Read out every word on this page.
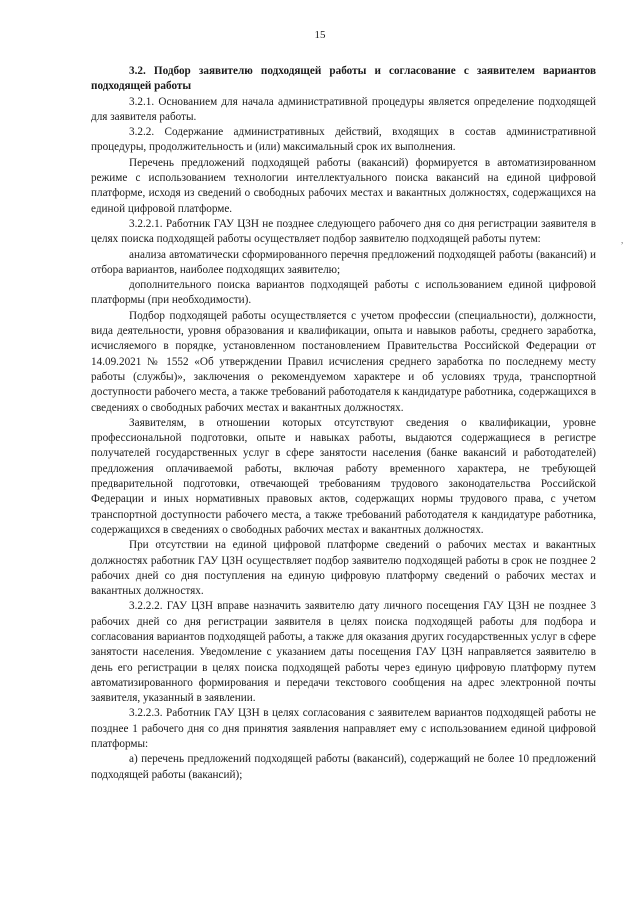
15
,

3.2. Подбор заявителю подходящей работы и согласование с заявителем вариантов подходящей работы

3.2.1. Основанием для начала административной процедуры является определение подходящей для заявителя работы.

3.2.2. Содержание административных действий, входящих в состав административной процедуры, продолжительность и (или) максимальный срок их выполнения.

Перечень предложений подходящей работы (вакансий) формируется в автоматизированном режиме с использованием технологии интеллектуального поиска вакансий на единой цифровой платформе, исходя из сведений о свободных рабочих местах и вакантных должностях, содержащихся на единой цифровой платформе.

3.2.2.1. Работник ГАУ ЦЗН не позднее следующего рабочего дня со дня регистрации заявителя в целях поиска подходящей работы осуществляет подбор заявителю подходящей работы путем:

анализа автоматически сформированного перечня предложений подходящей работы (вакансий) и отбора вариантов, наиболее подходящих заявителю;

дополнительного поиска вариантов подходящей работы с использованием единой цифровой платформы (при необходимости).

Подбор подходящей работы осуществляется с учетом профессии (специальности), должности, вида деятельности, уровня образования и квалификации, опыта и навыков работы, среднего заработка, исчисляемого в порядке, установленном постановлением Правительства Российской Федерации от 14.09.2021 № 1552 «Об утверждении Правил исчисления среднего заработка по последнему месту работы (службы)», заключения о рекомендуемом характере и об условиях труда, транспортной доступности рабочего места, а также требований работодателя к кандидатуре работника, содержащихся в сведениях о свободных рабочих местах и вакантных должностях.

Заявителям, в отношении которых отсутствуют сведения о квалификации, уровне профессиональной подготовки, опыте и навыках работы, выдаются содержащиеся в регистре получателей государственных услуг в сфере занятости населения (банке вакансий и работодателей) предложения оплачиваемой работы, включая работу временного характера, не требующей предварительной подготовки, отвечающей требованиям трудового законодательства Российской Федерации и иных нормативных правовых актов, содержащих нормы трудового права, с учетом транспортной доступности рабочего места, а также требований работодателя к кандидатуре работника, содержащихся в сведениях о свободных рабочих местах и вакантных должностях.

При отсутствии на единой цифровой платформе сведений о рабочих местах и вакантных должностях работник ГАУ ЦЗН осуществляет подбор заявителю подходящей работы в срок не позднее 2 рабочих дней со дня поступления на единую цифровую платформу сведений о рабочих местах и вакантных должностях.

3.2.2.2. ГАУ ЦЗН вправе назначить заявителю дату личного посещения ГАУ ЦЗН не позднее 3 рабочих дней со дня регистрации заявителя в целях поиска подходящей работы для подбора и согласования вариантов подходящей работы, а также для оказания других государственных услуг в сфере занятости населения. Уведомление с указанием даты посещения ГАУ ЦЗН направляется заявителю в день его регистрации в целях поиска подходящей работы через единую цифровую платформу путем автоматизированного формирования и передачи текстового сообщения на адрес электронной почты заявителя, указанный в заявлении.

3.2.2.3. Работник ГАУ ЦЗН в целях согласования с заявителем вариантов подходящей работы не позднее 1 рабочего дня со дня принятия заявления направляет ему с использованием единой цифровой платформы:

а) перечень предложений подходящей работы (вакансий), содержащий не более 10 предложений подходящей работы (вакансий);
